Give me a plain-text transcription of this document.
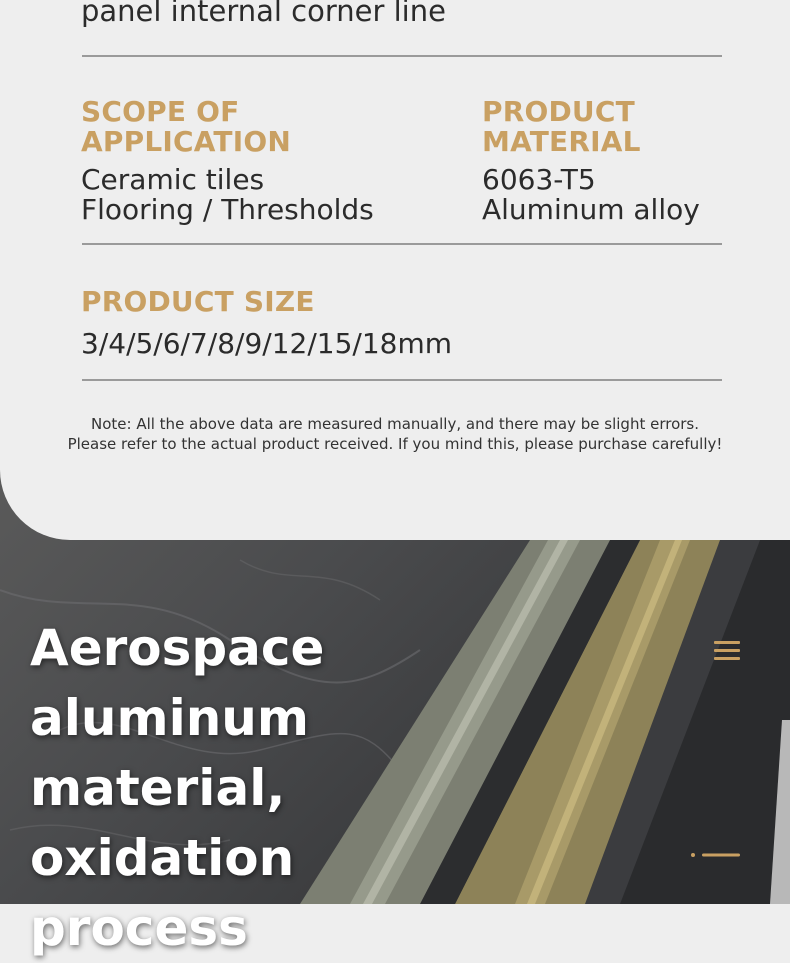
panel internal corner line
SCOPE OF
APPLICATION
Ceramic tiles
Flooring / Thresholds
PRODUCT
MATERIAL
6063-T5
Aluminum alloy
PRODUCT SIZE
3/4/5/6/7/8/9/12/15/18mm
Note: All the above data are measured manually, and there may be slight errors.
Please refer to the actual product received. If you mind this, please purchase carefully!
Aerospace aluminum
material, oxidation
process
